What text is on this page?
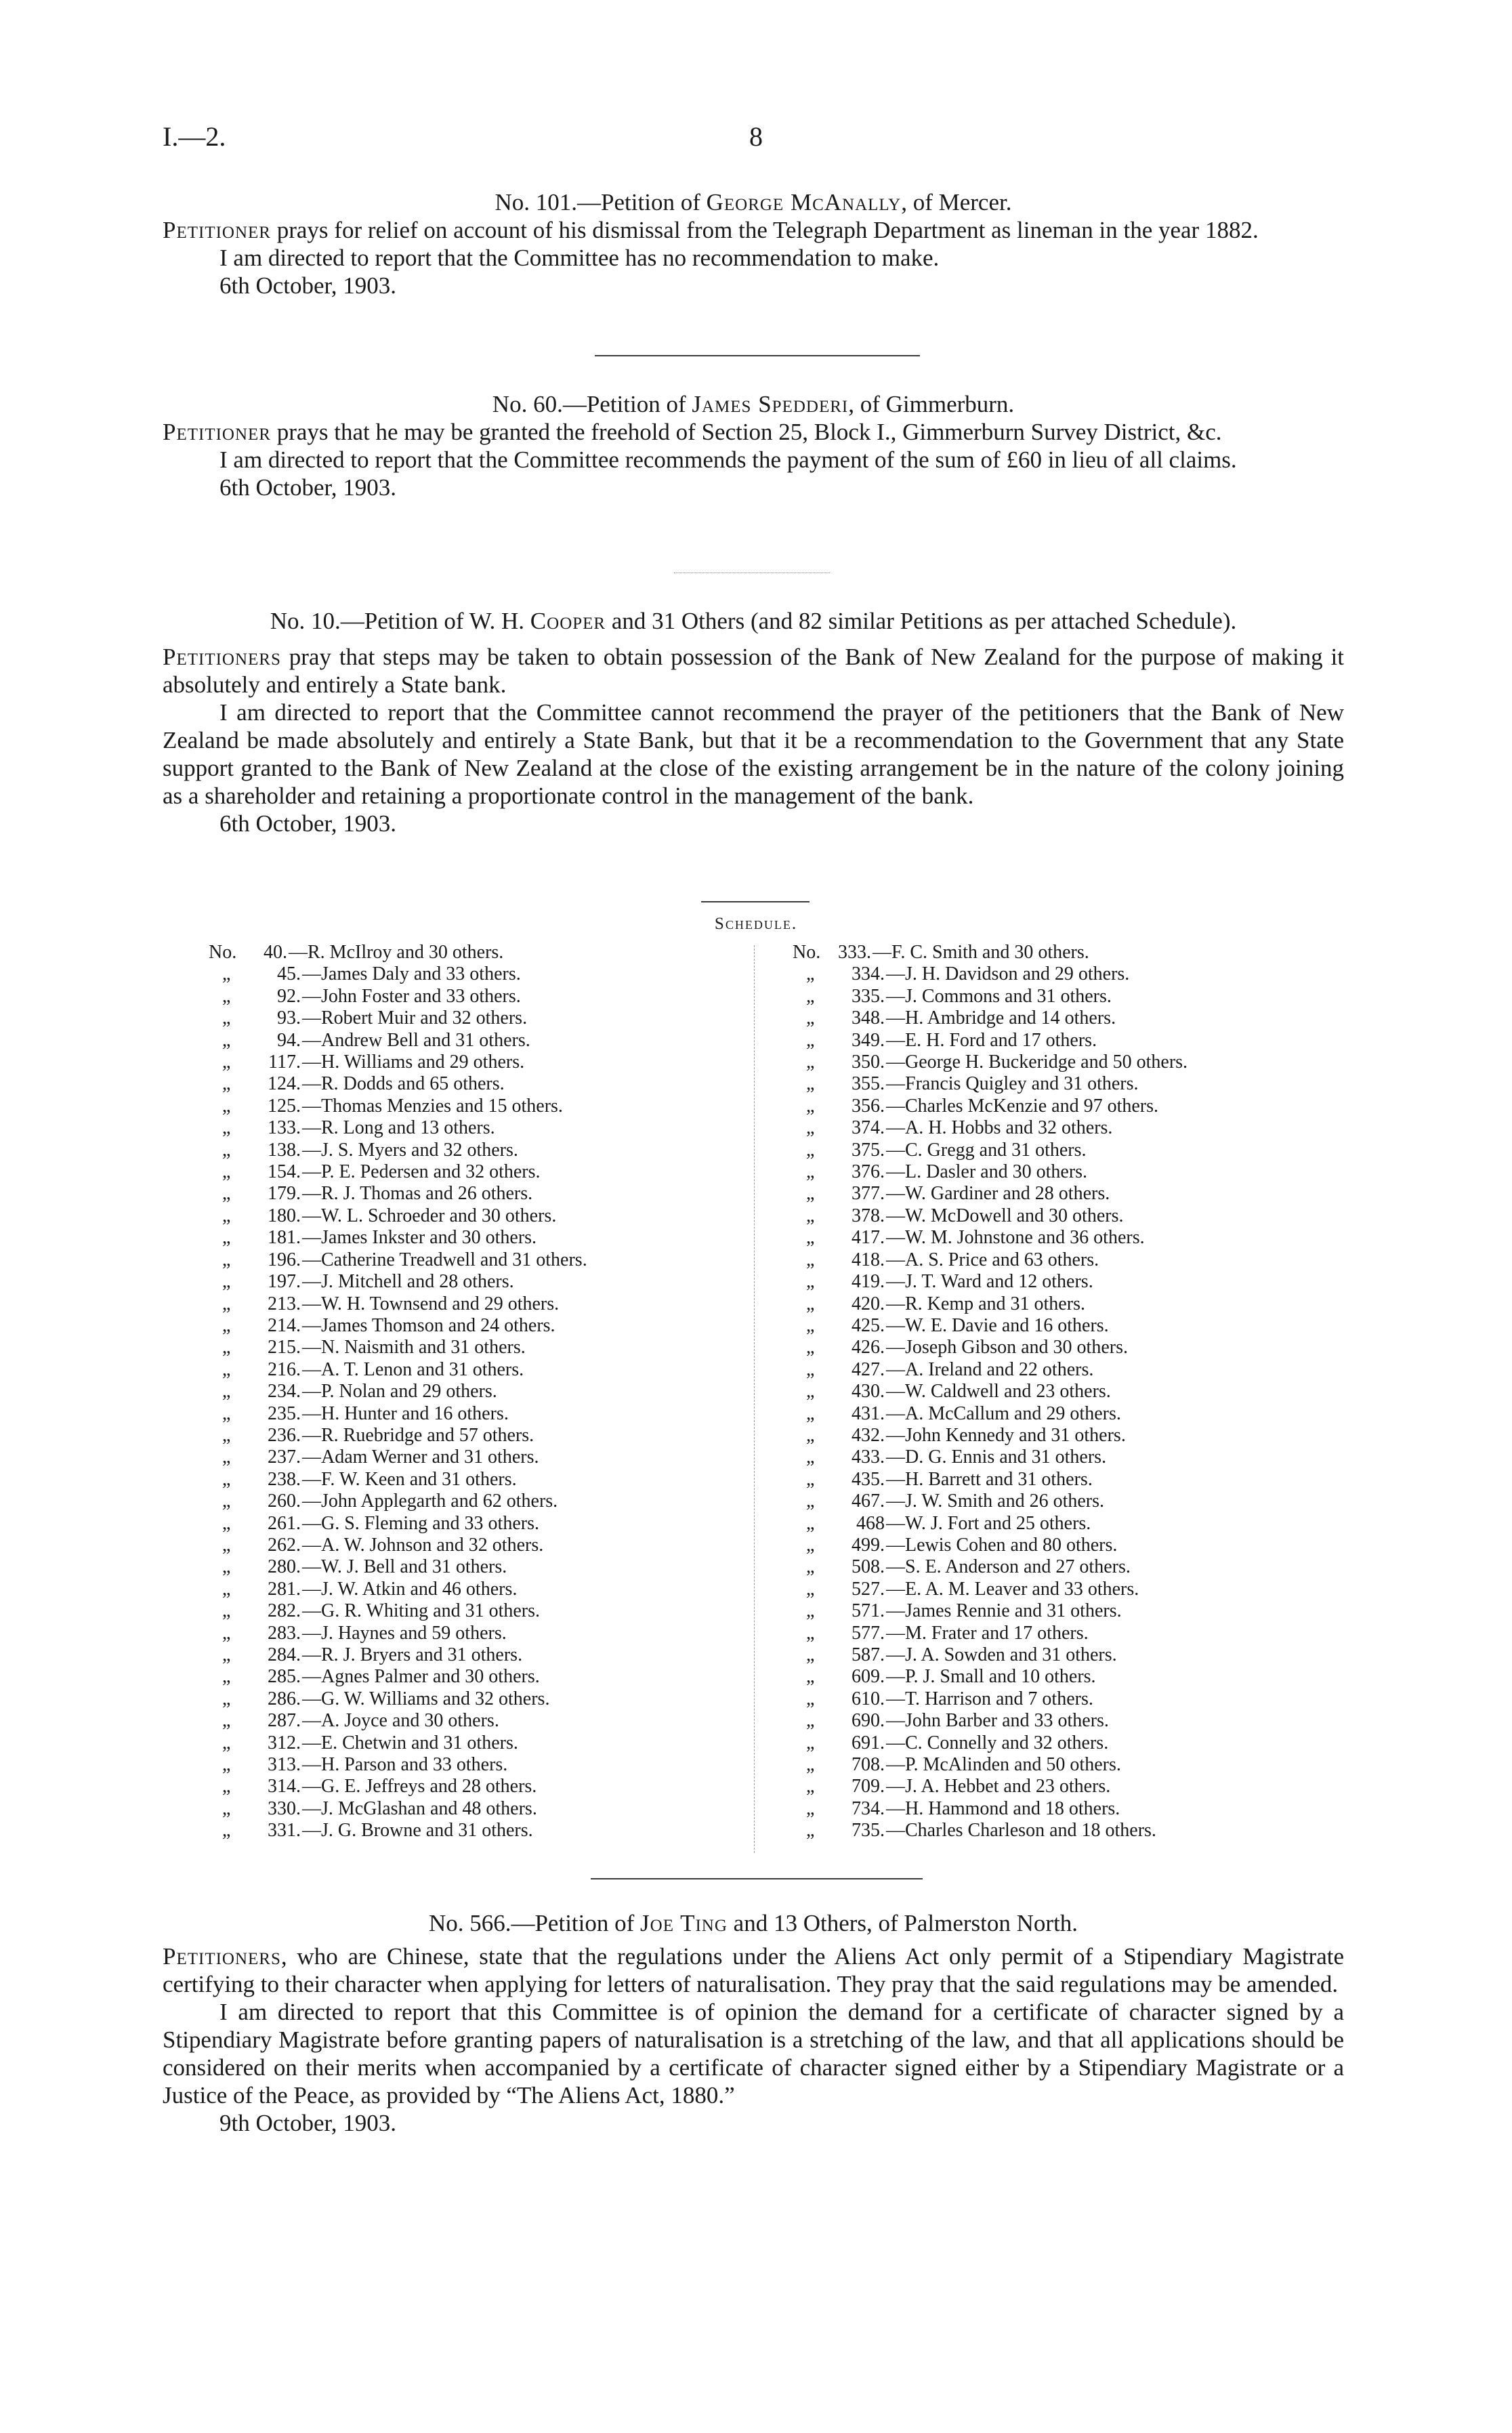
I.—2.	8
No. 101.—Petition of George McAnally, of Mercer.

Petitioner prays for relief on account of his dismissal from the Telegraph Department as lineman in the year 1882.

I am directed to report that the Committee has no recommendation to make.

6th October, 1903.

No. 60.—Petition of James Spedderi, of Gimmerburn.

Petitioner prays that he may be granted the freehold of Section 25, Block I., Gimmerburn Survey District, &c.

I am directed to report that the Committee recommends the payment of the sum of £60 in lieu of all claims.

6th October, 1903.

No. 10.—Petition of W. H. Cooper and 31 Others (and 82 similar Petitions as per attached Schedule).

Petitioners pray that steps may be taken to obtain possession of the Bank of New Zealand for the purpose of making it absolutely and entirely a State bank.

I am directed to report that the Committee cannot recommend the prayer of the petitioners that the Bank of New Zealand be made absolutely and entirely a State Bank, but that it be a recommendation to the Government that any State support granted to the Bank of New Zealand at the close of the existing arrangement be in the nature of the colony joining as a shareholder and retaining a proportionate control in the management of the bank.

6th October, 1903.

Schedule.
No.	40. —R. McIlroy and 30 others.
„	45. —James Daly and 33 others.
„	92. —John Foster and 33 others.
„	93. —Robert Muir and 32 others.
„	94. —Andrew Bell and 31 others.
„	117. —H. Williams and 29 others.
„	124. —R. Dodds and 65 others.
„	125. —Thomas Menzies and 15 others.
„	133. —R. Long and 13 others.
„	138. —J. S. Myers and 32 others.
„	154. —P. E. Pedersen and 32 others.
„	179. —R. J. Thomas and 26 others.
„	180. —W. L. Schroeder and 30 others.
„	181. —James Inkster and 30 others.
„	196. —Catherine Treadwell and 31 others.
„	197. —J. Mitchell and 28 others.
„	213. —W. H. Townsend and 29 others.
„	214. —James Thomson and 24 others.
„	215. —N. Naismith and 31 others.
„	216. —A. T. Lenon and 31 others.
„	234. —P. Nolan and 29 others.
„	235. —H. Hunter and 16 others.
„	236. —R. Ruebridge and 57 others.
„	237. —Adam Werner and 31 others.
„	238. —F. W. Keen and 31 others.
„	260. —John Applegarth and 62 others.
„	261. —G. S. Fleming and 33 others.
„	262. —A. W. Johnson and 32 others.
„	280. —W. J. Bell and 31 others.
„	281. —J. W. Atkin and 46 others.
„	282. —G. R. Whiting and 31 others.
„	283. —J. Haynes and 59 others.
„	284. —R. J. Bryers and 31 others.
„	285. —Agnes Palmer and 30 others.
„	286. —G. W. Williams and 32 others.
„	287. —A. Joyce and 30 others.
„	312. —E. Chetwin and 31 others.
„	313. —H. Parson and 33 others.
„	314. —G. E. Jeffreys and 28 others.
„	330. —J. McGlashan and 48 others.
„	331. —J. G. Browne and 31 others.
No. 333. —F. C. Smith and 30 others.
„	334. —J. H. Davidson and 29 others.
„	335. —J. Commons and 31 others.
„	348. —H. Ambridge and 14 others.
„	349. —E. H. Ford and 17 others.
„	350. —George H. Buckeridge and 50 others.
„	355. —Francis Quigley and 31 others.
„	356. —Charles McKenzie and 97 others.
„	374. —A. H. Hobbs and 32 others.
„	375. —C. Gregg and 31 others.
„	376. —L. Dasler and 30 others.
„	377. —W. Gardiner and 28 others.
„	378. —W. McDowell and 30 others.
„	417. —W. M. Johnstone and 36 others.
„	418. —A. S. Price and 63 others.
„	419. —J. T. Ward and 12 others.
„	420. —R. Kemp and 31 others.
„	425. —W. E. Davie and 16 others.
„	426. —Joseph Gibson and 30 others.
„	427. —A. Ireland and 22 others.
„	430. —W. Caldwell and 23 others.
„	431. —A. McCallum and 29 others.
„	432. —John Kennedy and 31 others.
„	433. —D. G. Ennis and 31 others.
„	435. —H. Barrett and 31 others.
„	467. —J. W. Smith and 26 others.
„	468 —W. J. Fort and 25 others.
„	499. —Lewis Cohen and 80 others.
„	508. —S. E. Anderson and 27 others.
„	527. —E. A. M. Leaver and 33 others.
„	571. —James Rennie and 31 others.
„	577. —M. Frater and 17 others.
„	587. —J. A. Sowden and 31 others.
„	609. —P. J. Small and 10 others.
„	610. —T. Harrison and 7 others.
„	690. —John Barber and 33 others.
„	691. —C. Connelly and 32 others.
„	708. —P. McAlinden and 50 others.
„	709. —J. A. Hebbet and 23 others.
„	734. —H. Hammond and 18 others.
„	735. —Charles Charleson and 18 others.
No. 566.—Petition of Joe Ting and 13 Others, of Palmerston North.

Petitioners, who are Chinese, state that the regulations under the Aliens Act only permit of a Stipendiary Magistrate certifying to their character when applying for letters of naturalisation. They pray that the said regulations may be amended.

I am directed to report that this Committee is of opinion the demand for a certificate of character signed by a Stipendiary Magistrate before granting papers of naturalisation is a stretching of the law, and that all applications should be considered on their merits when accompanied by a certificate of character signed either by a Stipendiary Magistrate or a Justice of the Peace, as provided by “The Aliens Act, 1880.”

9th October, 1903.
